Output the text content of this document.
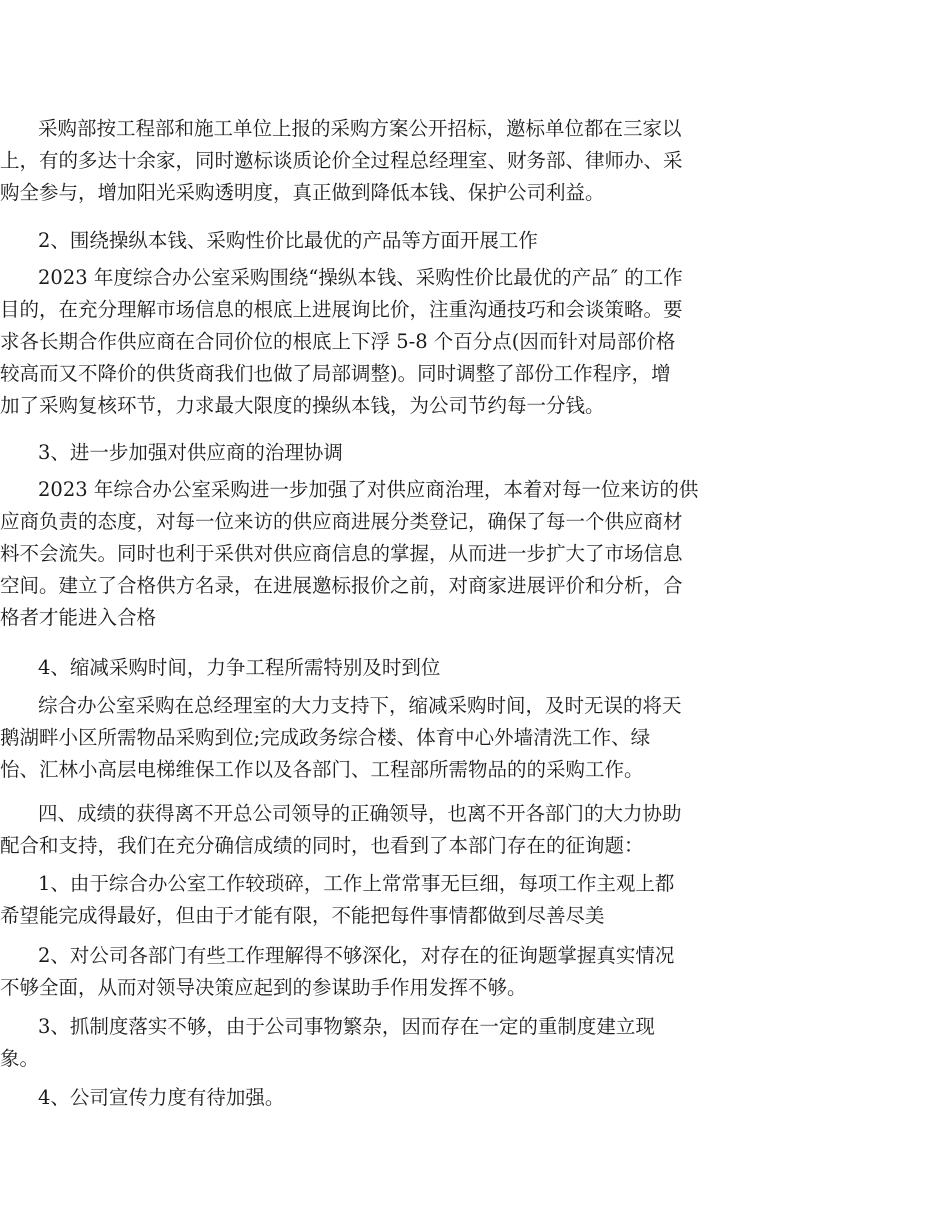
采购部按工程部和施工单位上报的采购方案公开招标，邀标单位都在三家以
上，有的多达十余家，同时邀标谈质论价全过程总经理室、财务部、律师办、采
购全参与，增加阳光采购透明度，真正做到降低本钱、保护公司利益。
2、围绕操纵本钱、采购性价比最优的产品等方面开展工作
2023 年度综合办公室采购围绕“操纵本钱、采购性价比最优的产品″ 的工作
目的，在充分理解市场信息的根底上进展询比价，注重沟通技巧和会谈策略。要
求各长期合作供应商在合同价位的根底上下浮 5-8 个百分点(因而针对局部价格
较高而又不降价的供货商我们也做了局部调整)。同时调整了部份工作程序，增
加了采购复核环节，力求最大限度的操纵本钱，为公司节约每一分钱。
3、进一步加强对供应商的治理协调
2023 年综合办公室采购进一步加强了对供应商治理，本着对每一位来访的供
应商负责的态度，对每一位来访的供应商进展分类登记，确保了每一个供应商材
料不会流失。同时也利于采供对供应商信息的掌握，从而进一步扩大了市场信息
空间。建立了合格供方名录，在进展邀标报价之前，对商家进展评价和分析，合
格者才能进入合格
4、缩减采购时间，力争工程所需特别及时到位
综合办公室采购在总经理室的大力支持下，缩减采购时间，及时无误的将天
鹅湖畔小区所需物品采购到位;完成政务综合楼、体育中心外墙清洗工作、绿
怡、汇林小高层电梯维保工作以及各部门、工程部所需物品的的采购工作。
四、成绩的获得离不开总公司领导的正确领导，也离不开各部门的大力协助
配合和支持，我们在充分确信成绩的同时，也看到了本部门存在的征询题：
1、由于综合办公室工作较琐碎，工作上常常事无巨细，每项工作主观上都
希望能完成得最好，但由于才能有限，不能把每件事情都做到尽善尽美
2、对公司各部门有些工作理解得不够深化，对存在的征询题掌握真实情况
不够全面，从而对领导决策应起到的参谋助手作用发挥不够。
3、抓制度落实不够，由于公司事物繁杂，因而存在一定的重制度建立现
象。
4、公司宣传力度有待加强。
